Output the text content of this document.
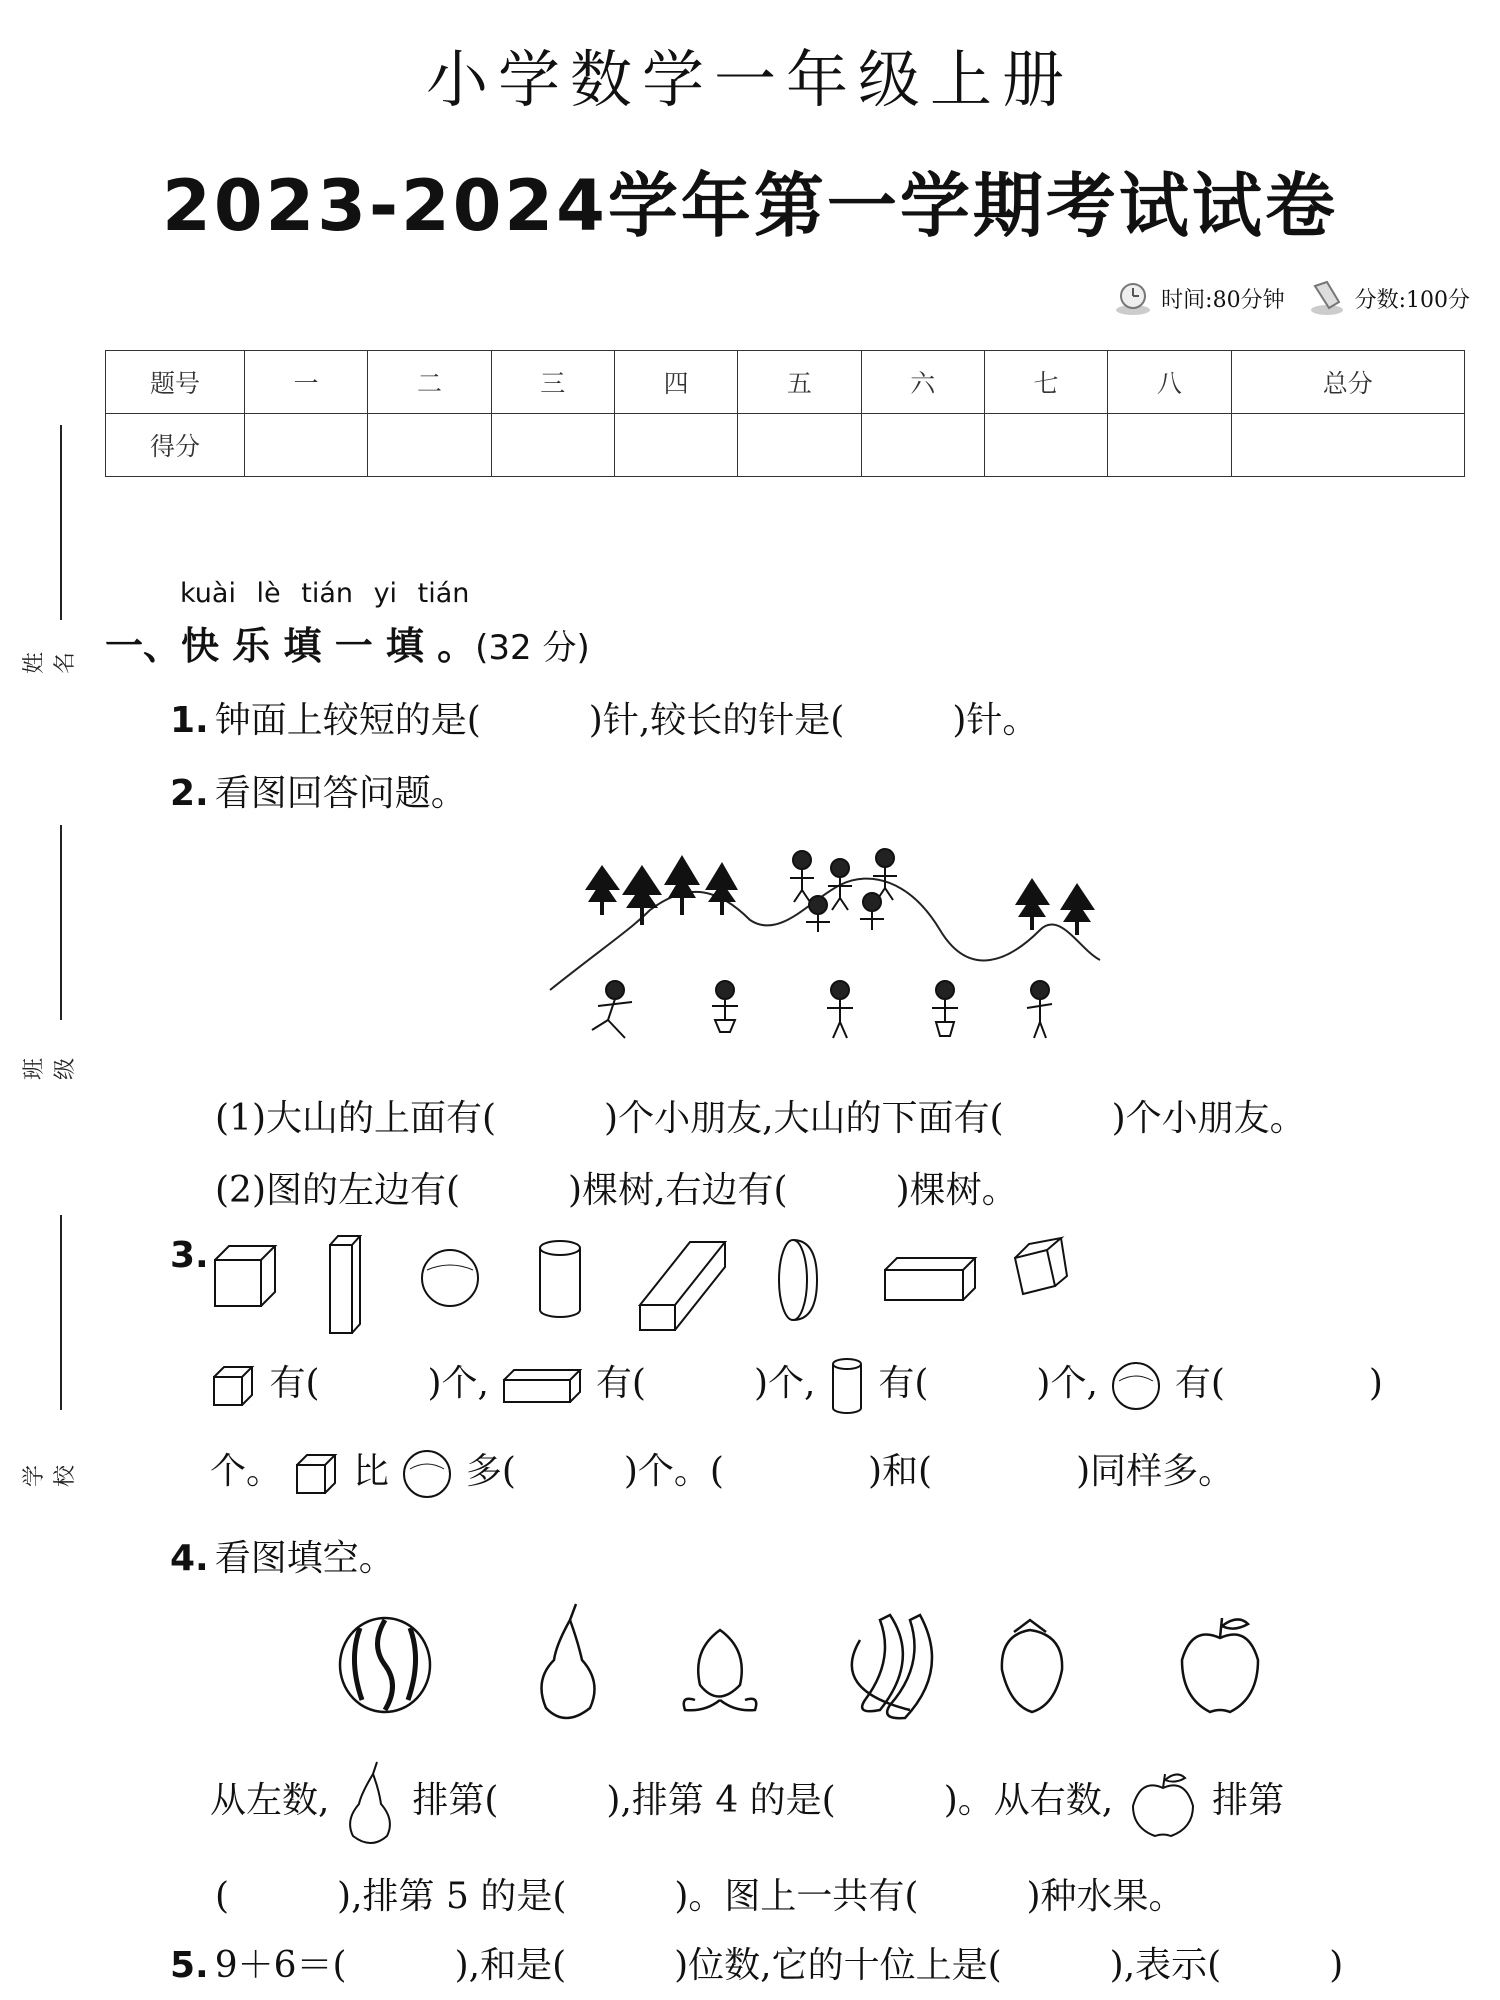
小学数学一年级上册
2023-2024学年第一学期考试试卷
时间:80分钟	分数:100分
题号	一	二	三	四	五	六	七	八	总分
得分									
姓名
班级
学校
kuài lè tián yi tián
一、快 乐 填 一 填 。(32 分)
1. 钟面上较短的是(　　　)针,较长的针是(　　　)针。
2. 看图回答问题。
(1)大山的上面有(　　　)个小朋友,大山的下面有(　　　)个小朋友。
(2)图的左边有(　　　)棵树,右边有(　　　)棵树。
3.
有(　　　)个,	有(　　　)个, 有(　　　)个, 有(　　　　)
个。 比 多(　　　)个。(　　　　)和(　　　　)同样多。
4. 看图填空。
从左数, 排第(　　　),排第 4 的是(　　　)。从右数,	排第
(　　　),排第 5 的是(　　　)。图上一共有(　　　)种水果。
5. 9＋6＝(　　　),和是(　　　)位数,它的十位上是(　　　),表示(　　　)
